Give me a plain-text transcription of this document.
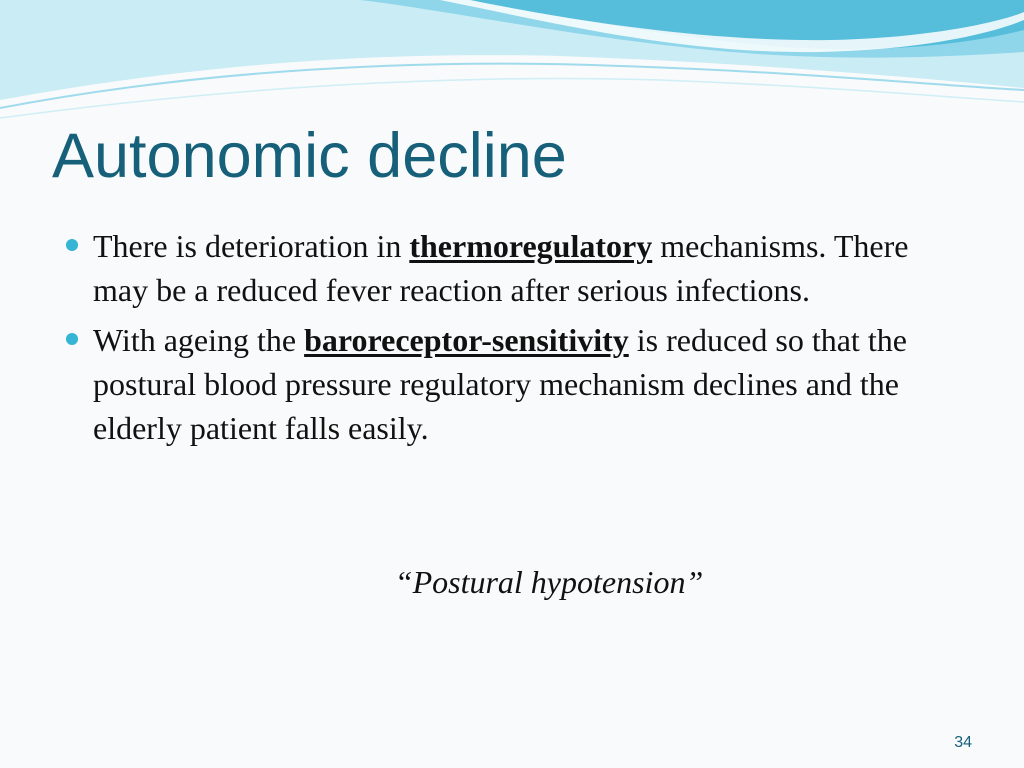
Autonomic decline
There is deterioration in thermoregulatory mechanisms. There may be a reduced fever reaction after serious infections.
With ageing the baroreceptor-sensitivity is reduced so that the postural blood pressure regulatory mechanism declines and the elderly patient falls easily.
“Postural hypotension”
34
